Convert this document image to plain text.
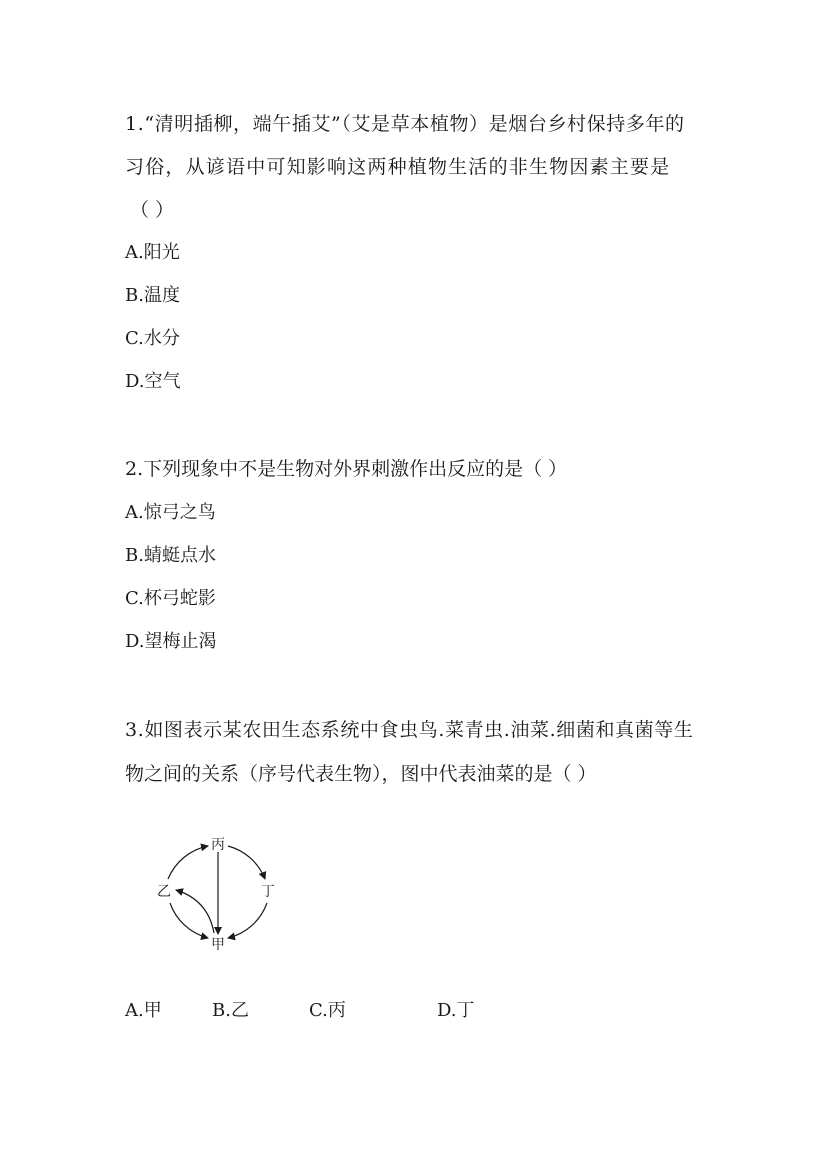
1.“清明插柳，端午插艾”（艾是草本植物）是烟台乡村保持多年的
习俗，从谚语中可知影响这两种植物生活的非生物因素主要是
（ ）
A.阳光
B.温度
C.水分
D.空气
2.下列现象中不是生物对外界刺激作出反应的是（ ）
A.惊弓之鸟
B.蜻蜓点水
C.杯弓蛇影
D.望梅止渴
3.如图表示某农田生态系统中食虫鸟.菜青虫.油菜.细菌和真菌等生
物之间的关系（序号代表生物），图中代表油菜的是（ ）
丙
丁
甲
乙
A.甲	B.乙	C.丙	D.丁
